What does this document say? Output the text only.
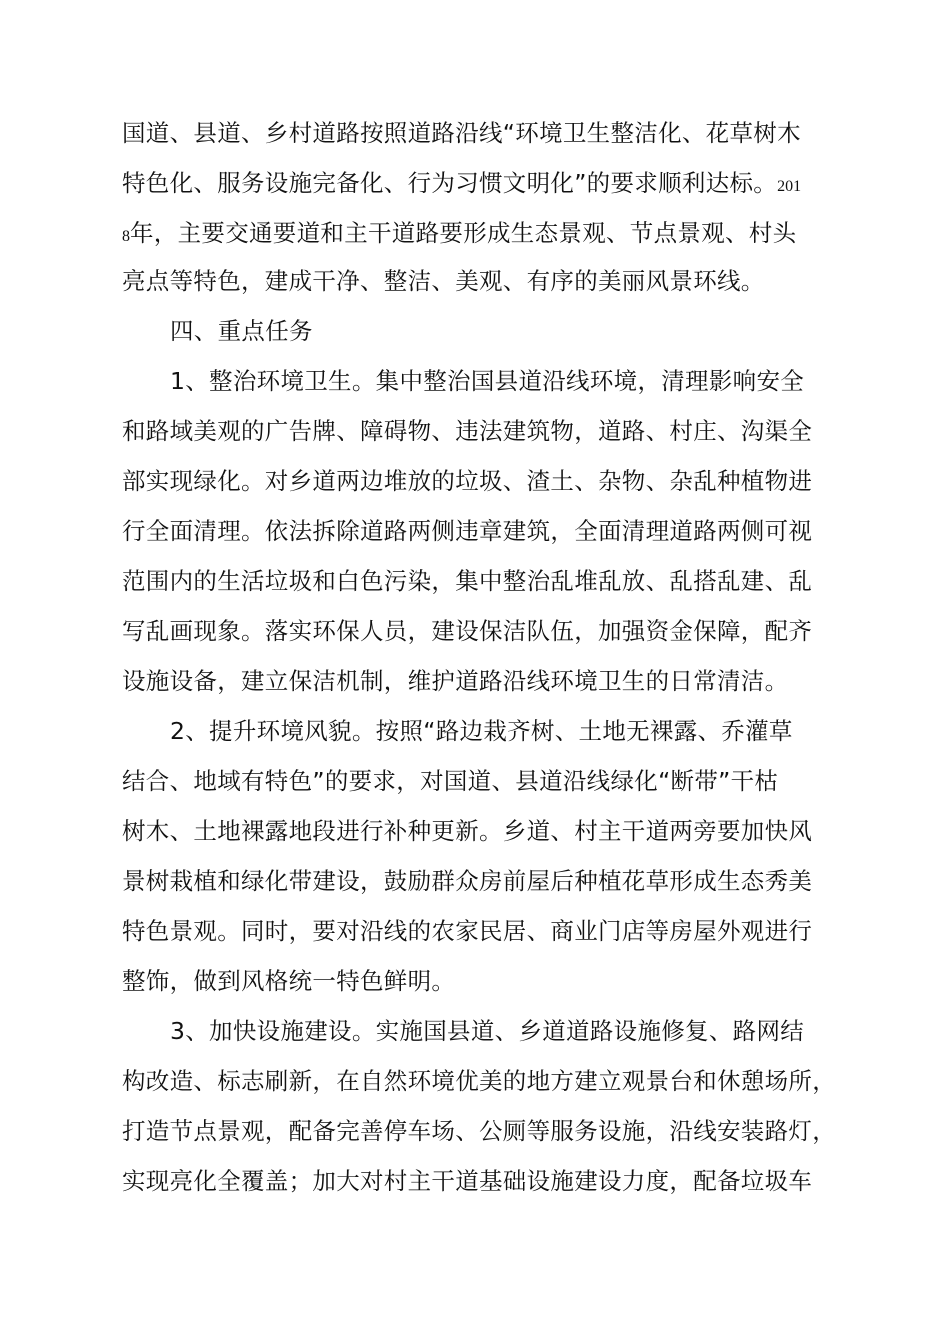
国道、县道、乡村道路按照道路沿线“环境卫生整洁化、花草树木
特色化、服务设施完备化、行为习惯文明化”的要求顺利达标。201
8年，主要交通要道和主干道路要形成生态景观、节点景观、村头
亮点等特色，建成干净、整洁、美观、有序的美丽风景环线。
四、重点任务
1、整治环境卫生。集中整治国县道沿线环境，清理影响安全
和路域美观的广告牌、障碍物、违法建筑物，道路、村庄、沟渠全
部实现绿化。对乡道两边堆放的垃圾、渣土、杂物、杂乱种植物进
行全面清理。依法拆除道路两侧违章建筑，全面清理道路两侧可视
范围内的生活垃圾和白色污染，集中整治乱堆乱放、乱搭乱建、乱
写乱画现象。落实环保人员，建设保洁队伍，加强资金保障，配齐
设施设备，建立保洁机制，维护道路沿线环境卫生的日常清洁。
2、提升环境风貌。按照“路边栽齐树、土地无裸露、乔灌草
结合、地域有特色”的要求，对国道、县道沿线绿化“断带”干枯
树木、土地裸露地段进行补种更新。乡道、村主干道两旁要加快风
景树栽植和绿化带建设，鼓励群众房前屋后种植花草形成生态秀美
特色景观。同时，要对沿线的农家民居、商业门店等房屋外观进行
整饰，做到风格统一特色鲜明。
3、加快设施建设。实施国县道、乡道道路设施修复、路网结
构改造、标志刷新，在自然环境优美的地方建立观景台和休憩场所，
打造节点景观，配备完善停车场、公厕等服务设施，沿线安装路灯，
实现亮化全覆盖；加大对村主干道基础设施建设力度，配备垃圾车
